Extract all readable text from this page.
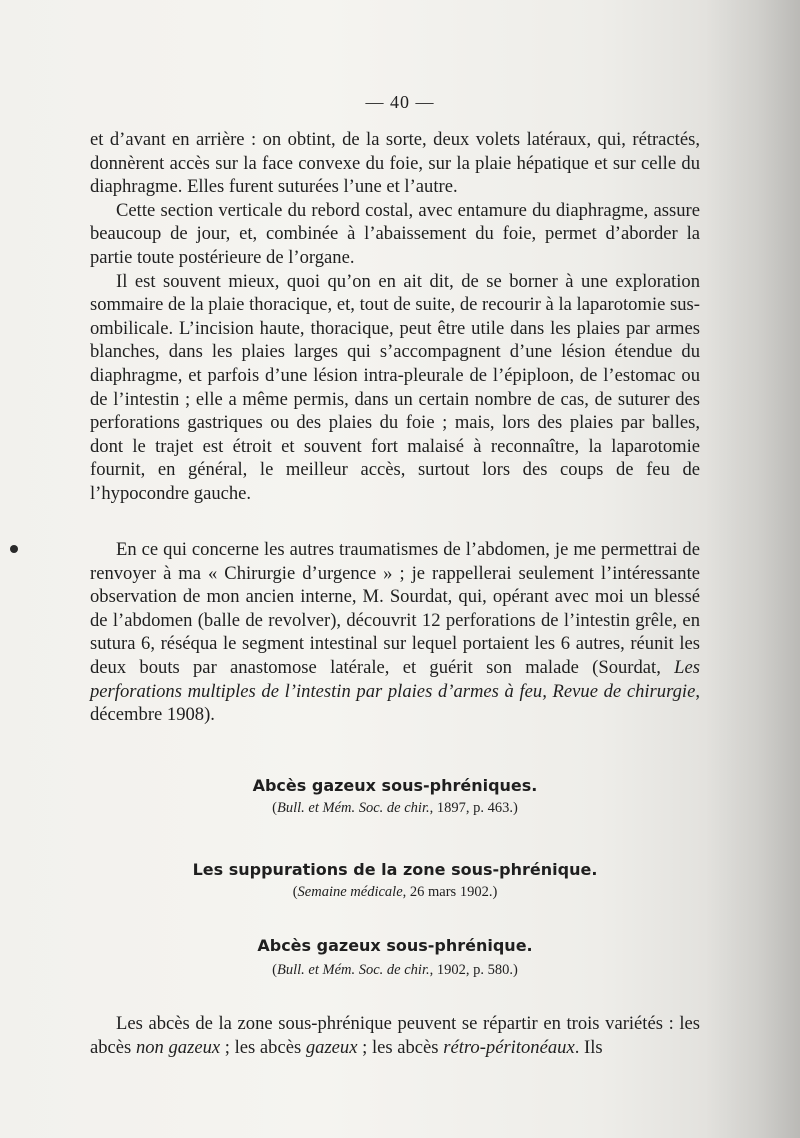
— 40 —

et d’avant en arrière : on obtint, de la sorte, deux volets latéraux, qui, rétractés, donnèrent accès sur la face convexe du foie, sur la plaie hépatique et sur celle du diaphragme. Elles furent suturées l’une et l’autre.

Cette section verticale du rebord costal, avec entamure du diaphragme, assure beaucoup de jour, et, combinée à l’abaissement du foie, permet d’aborder la partie toute postérieure de l’organe.

Il est souvent mieux, quoi qu’on en ait dit, de se borner à une exploration sommaire de la plaie thoracique, et, tout de suite, de recourir à la laparotomie sus-ombilicale. L’incision haute, thoracique, peut être utile dans les plaies par armes blanches, dans les plaies larges qui s’accompagnent d’une lésion étendue du diaphragme, et parfois d’une lésion intra-pleurale de l’épiploon, de l’estomac ou de l’intestin ; elle a même permis, dans un certain nombre de cas, de suturer des perforations gastriques ou des plaies du foie ; mais, lors des plaies par balles, dont le trajet est étroit et souvent fort malaisé à reconnaître, la laparotomie fournit, en général, le meilleur accès, surtout lors des coups de feu de l’hypocondre gauche.

En ce qui concerne les autres traumatismes de l’abdomen, je me permettrai de renvoyer à ma « Chirurgie d’urgence » ; je rappellerai seulement l’intéressante observation de mon ancien interne, M. Sourdat, qui, opérant avec moi un blessé de l’abdomen (balle de revolver), découvrit 12 perforations de l’intestin grêle, en sutura 6, réséqua le segment intestinal sur lequel portaient les 6 autres, réunit les deux bouts par anastomose latérale, et guérit son malade (Sourdat, Les perforations multiples de l’intestin par plaies d’armes à feu, Revue de chirurgie, décembre 1908).

Abcès gazeux sous-phréniques.
(Bull. et Mém. Soc. de chir., 1897, p. 463.)
Les suppurations de la zone sous-phrénique.
(Semaine médicale, 26 mars 1902.)
Abcès gazeux sous-phrénique.
(Bull. et Mém. Soc. de chir., 1902, p. 580.)

Les abcès de la zone sous-phrénique peuvent se répartir en trois variétés : les abcès non gazeux ; les abcès gazeux ; les abcès rétro-péritonéaux. Ils
